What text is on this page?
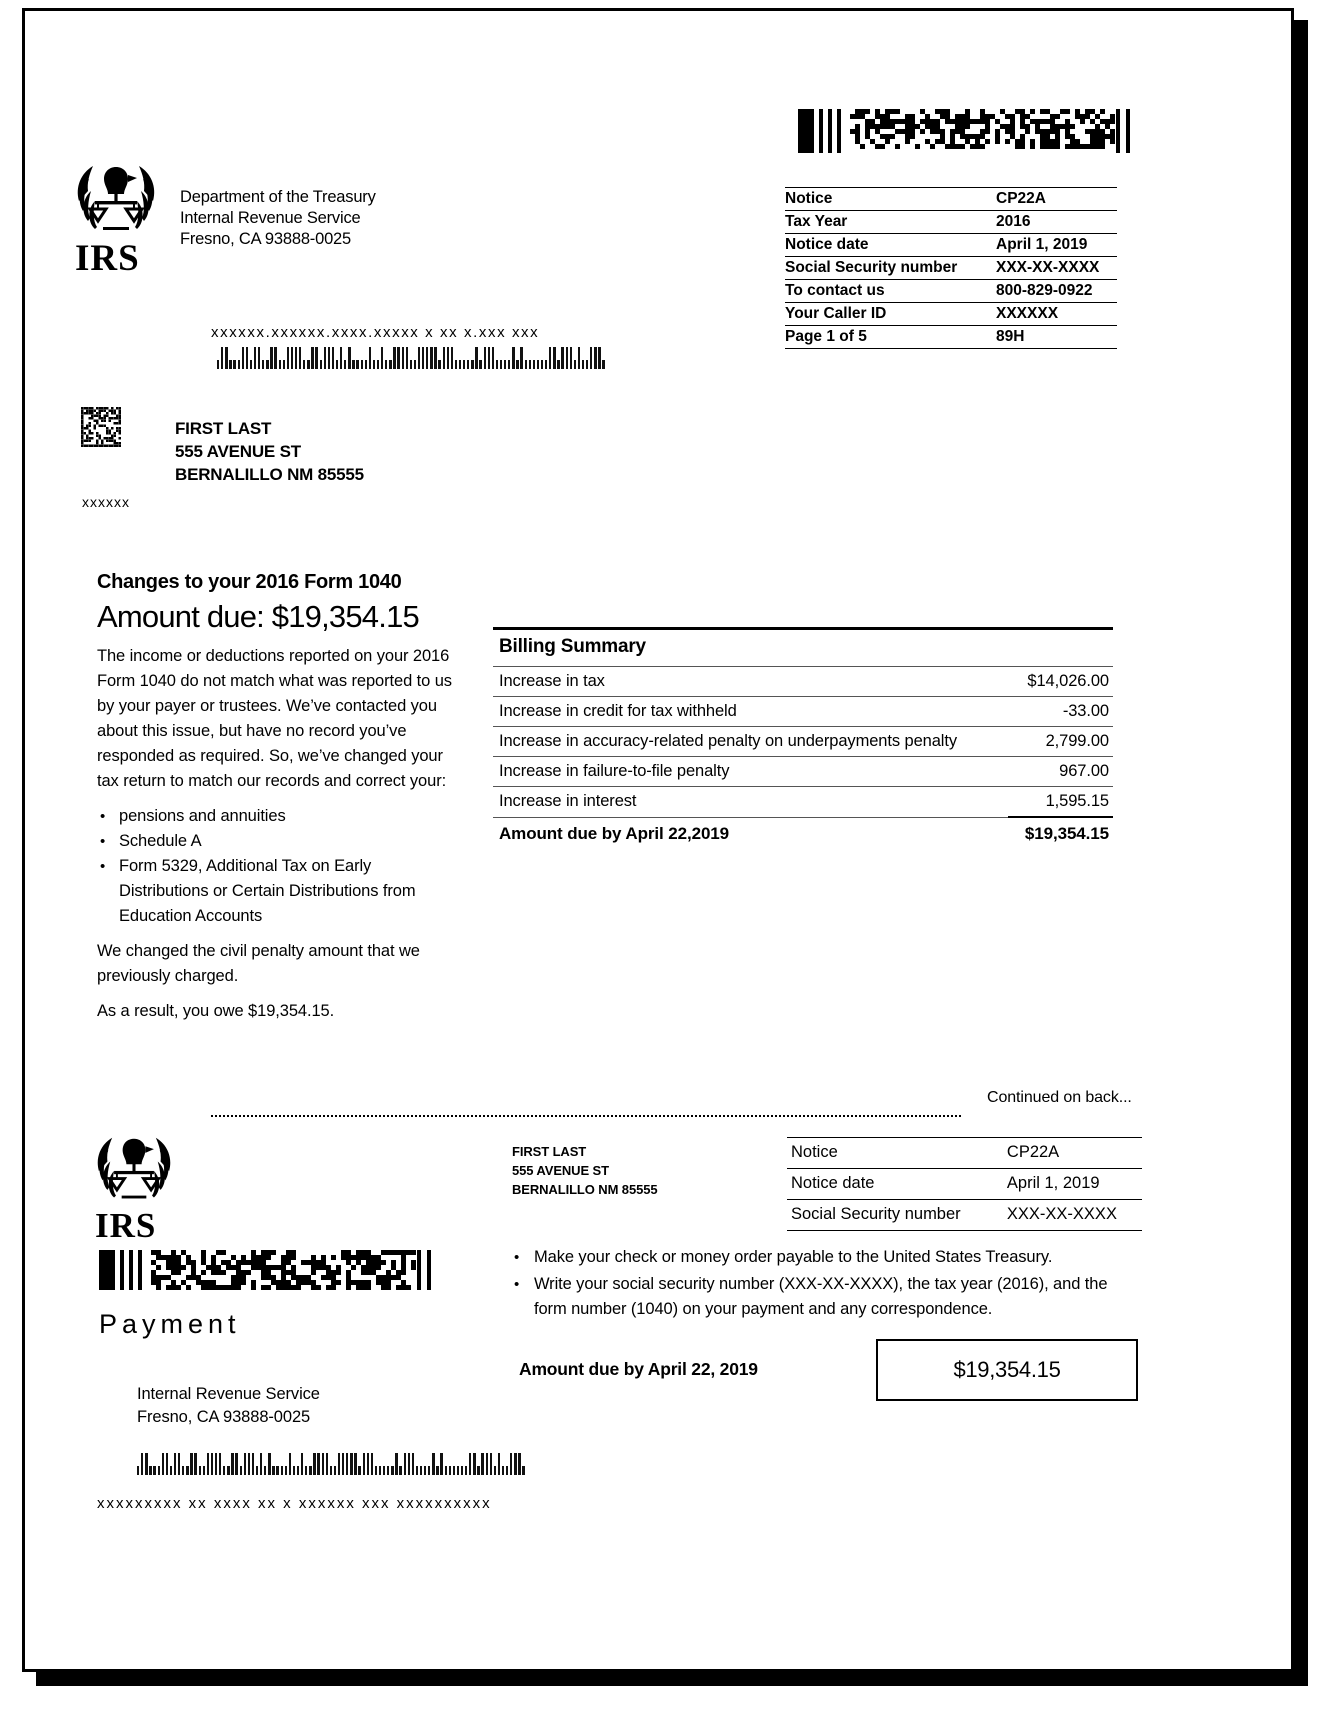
IRS
Department of the Treasury
Internal Revenue Service
Fresno, CA 93888-0025
Notice	CP22A
Tax Year	2016
Notice date	April 1, 2019
Social Security number	XXX-XX-XXXX
To contact us	800-829-0922
Your Caller ID	XXXXXX
Page 1 of 5	89H
xxxxxx.xxxxxx.xxxx.xxxxx x xx x.xxx xxx
FIRST LAST
555 AVENUE ST
BERNALILLO NM 85555
xxxxxx
Changes to your 2016 Form 1040
Amount due: $19,354.15

The income or deductions reported on your 2016 Form 1040 do not match what was reported to us by your payer or trustees. We’ve contacted you about this issue, but have no record you’ve responded as required. So, we’ve changed your tax return to match our records and correct your:

• pensions and annuities
• Schedule A
• Form 5329, Additional Tax on Early Distributions or Certain Distributions from Education Accounts

We changed the civil penalty amount that we previously charged.

As a result, you owe $19,354.15.

Billing Summary
Increase in tax	$14,026.00
Increase in credit for tax withheld	-33.00
Increase in accuracy-related penalty on underpayments penalty	2,799.00
Increase in failure-to-file penalty	967.00
Increase in interest	1,595.15
Amount due by April 22,2019	$19,354.15
Continued on back...
IRS
Payment
Internal Revenue Service
Fresno, CA 93888-0025
xxxxxxxxx xx xxxx xx x xxxxxx xxx xxxxxxxxxx
FIRST LAST
555 AVENUE ST
BERNALILLO NM 85555
Notice	CP22A
Notice date	April 1, 2019
Social Security number	XXX-XX-XXXX
• Make your check or money order payable to the United States Treasury.
• Write your social security number (XXX-XX-XXXX), the tax year (2016), and the form number (1040) on your payment and any correspondence.
Amount due by April 22, 2019	$19,354.15
